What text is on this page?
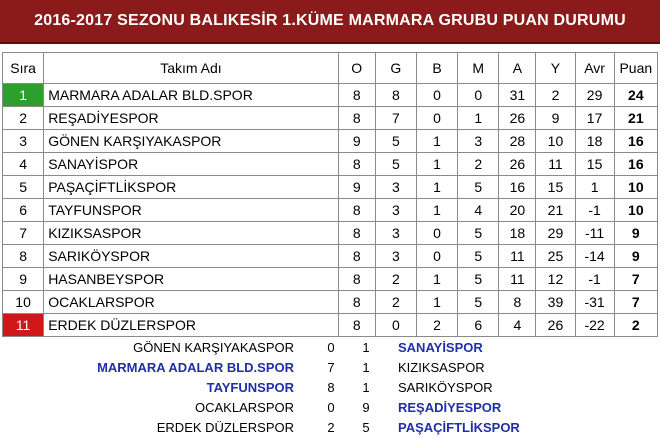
2016-2017 SEZONU BALIKESİR 1.KÜME MARMARA GRUBU PUAN DURUMU
Sıra	Takım Adı	O	G	B	M	A	Y	Avr	Puan
1	MARMARA ADALAR BLD.SPOR	8	8	0	0	31	2	29	24
2	REŞADİYESPOR	8	7	0	1	26	9	17	21
3	GÖNEN KARŞIYAKASPOR	9	5	1	3	28	10	18	16
4	SANAYİSPOR	8	5	1	2	26	11	15	16
5	PAŞAÇİFTLİKSPOR	9	3	1	5	16	15	1	10
6	TAYFUNSPOR	8	3	1	4	20	21	-1	10
7	KIZIKSASPOR	8	3	0	5	18	29	-11	9
8	SARIKÖYSPOR	8	3	0	5	11	25	-14	9
9	HASANBEYSPOR	8	2	1	5	11	12	-1	7
10	OCAKLARSPOR	8	2	1	5	8	39	-31	7
11	ERDEK DÜZLERSPOR	8	0	2	6	4	26	-22	2
GÖNEN KARŞIYAKASPOR	0 1 SANAYİSPOR
MARMARA ADALAR BLD.SPOR	7 1 KIZIKSASPOR
TAYFUNSPOR	8 1 SARIKÖYSPOR
OCAKLARSPOR	0 9 REŞADİYESPOR
ERDEK DÜZLERSPOR	2 5 PAŞAÇİFTLİKSPOR
